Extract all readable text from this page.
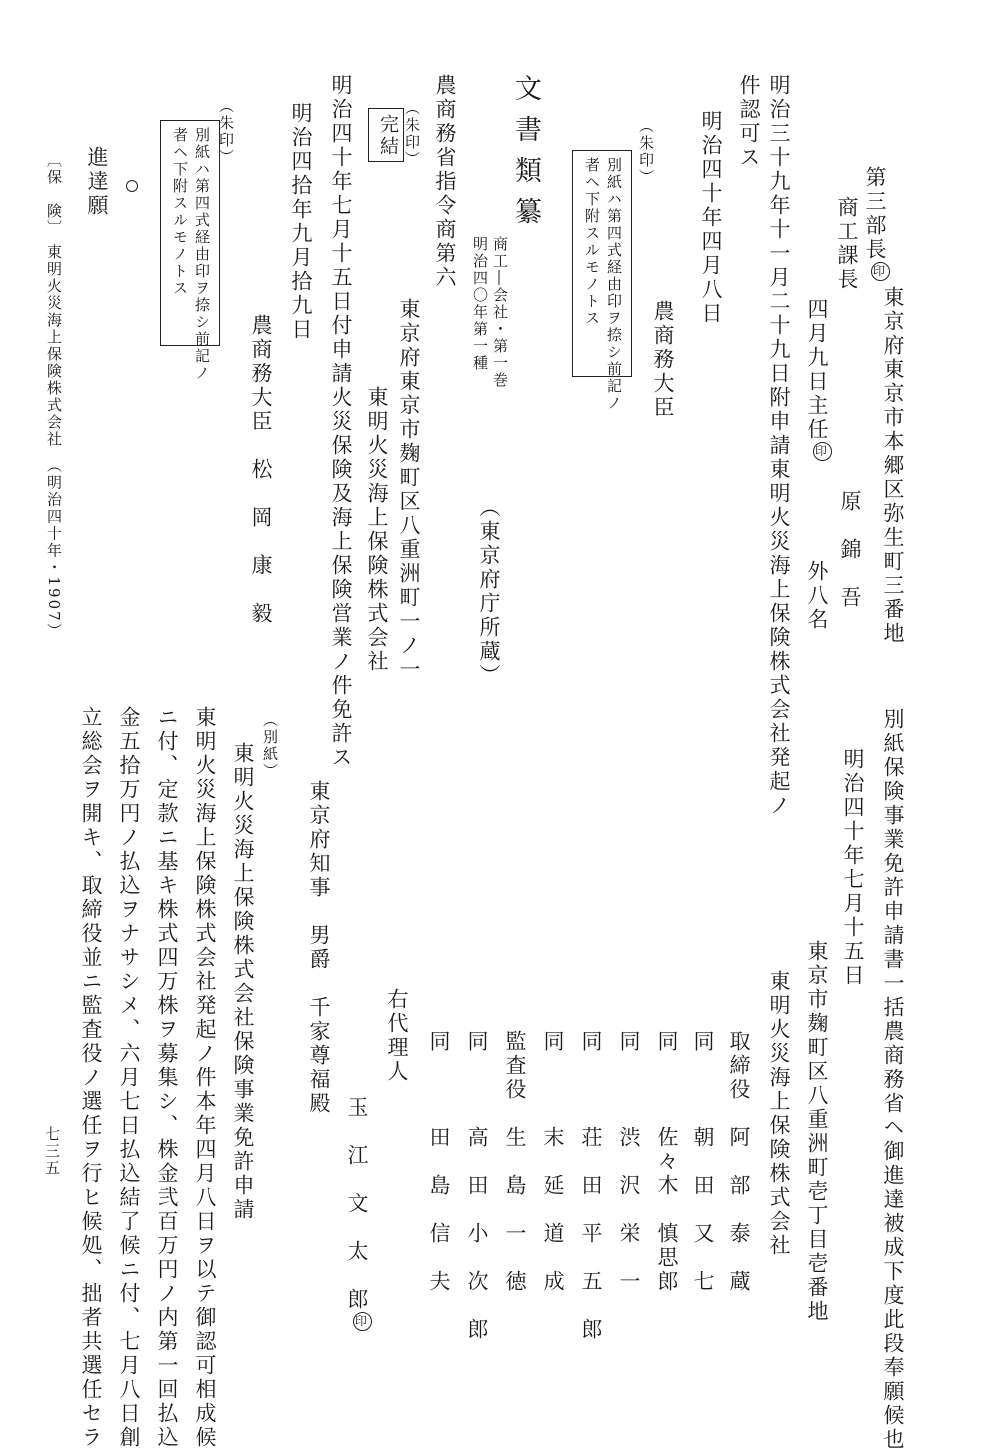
東京府東京市本郷区弥生町三番地
第三部長印
商工課長
原　錦　吾
四月九日主任印
外八名
明治三十九年十一月二十九日附申請東明火災海上保険株式会社発起ノ
件認可ス
明治四十年四月八日
農商務大臣
（朱印）
別紙ハ第四式経由印ヲ捺シ前記ノ
者ヘ下附スルモノトス
文書類纂
商工―会社・第一巻
明治四〇年第一種
（東京府庁所蔵）
農商務省指令商第六
（朱印）
完結
東京府東京市麹町区八重洲町一ノ一
東明火災海上保険株式会社
明治四十年七月十五日付申請火災保険及海上保険営業ノ件免許ス
明治四拾年九月拾九日
農商務大臣　松　岡　康　毅
（朱印）
別紙ハ第四式経由印ヲ捺シ前記ノ
者ヘ下附スルモノトス
進達願
〔保　険〕
東明火災海上保険株式会社　（明治四十年・1907）
別紙保険事業免許申請書一括農商務省ヘ御進達被成下度此段奉願候也
明治四十年七月十五日
東京市麹町区八重洲町壱丁目壱番地
東明火災海上保険株式会社
取締役　阿　部　泰　蔵
同　　　朝　田　又　七
同　　　佐々木　慎思郎
同　　　渋　沢　栄　一
同　　　荘　田　平　五　郎
同　　　末　延　道　成
監査役　生　島　一　徳
同　　　高　田　小　次　郎
同　　　田　島　信　夫
右代理人
玉　江　文　太　郎印
東京府知事　男爵　千家尊福殿
（別紙）
東明火災海上保険株式会社保険事業免許申請
東明火災海上保険株式会社発起ノ件本年四月八日ヲ以テ御認可相成候
ニ付、定款ニ基キ株式四万株ヲ募集シ、株金弐百万円ノ内第一回払込
金五拾万円ノ払込ヲナサシメ、六月七日払込結了候ニ付、七月八日創
立総会ヲ開キ、取締役並ニ監査役ノ選任ヲ行ヒ候処、拙者共選任セラ
七三五
